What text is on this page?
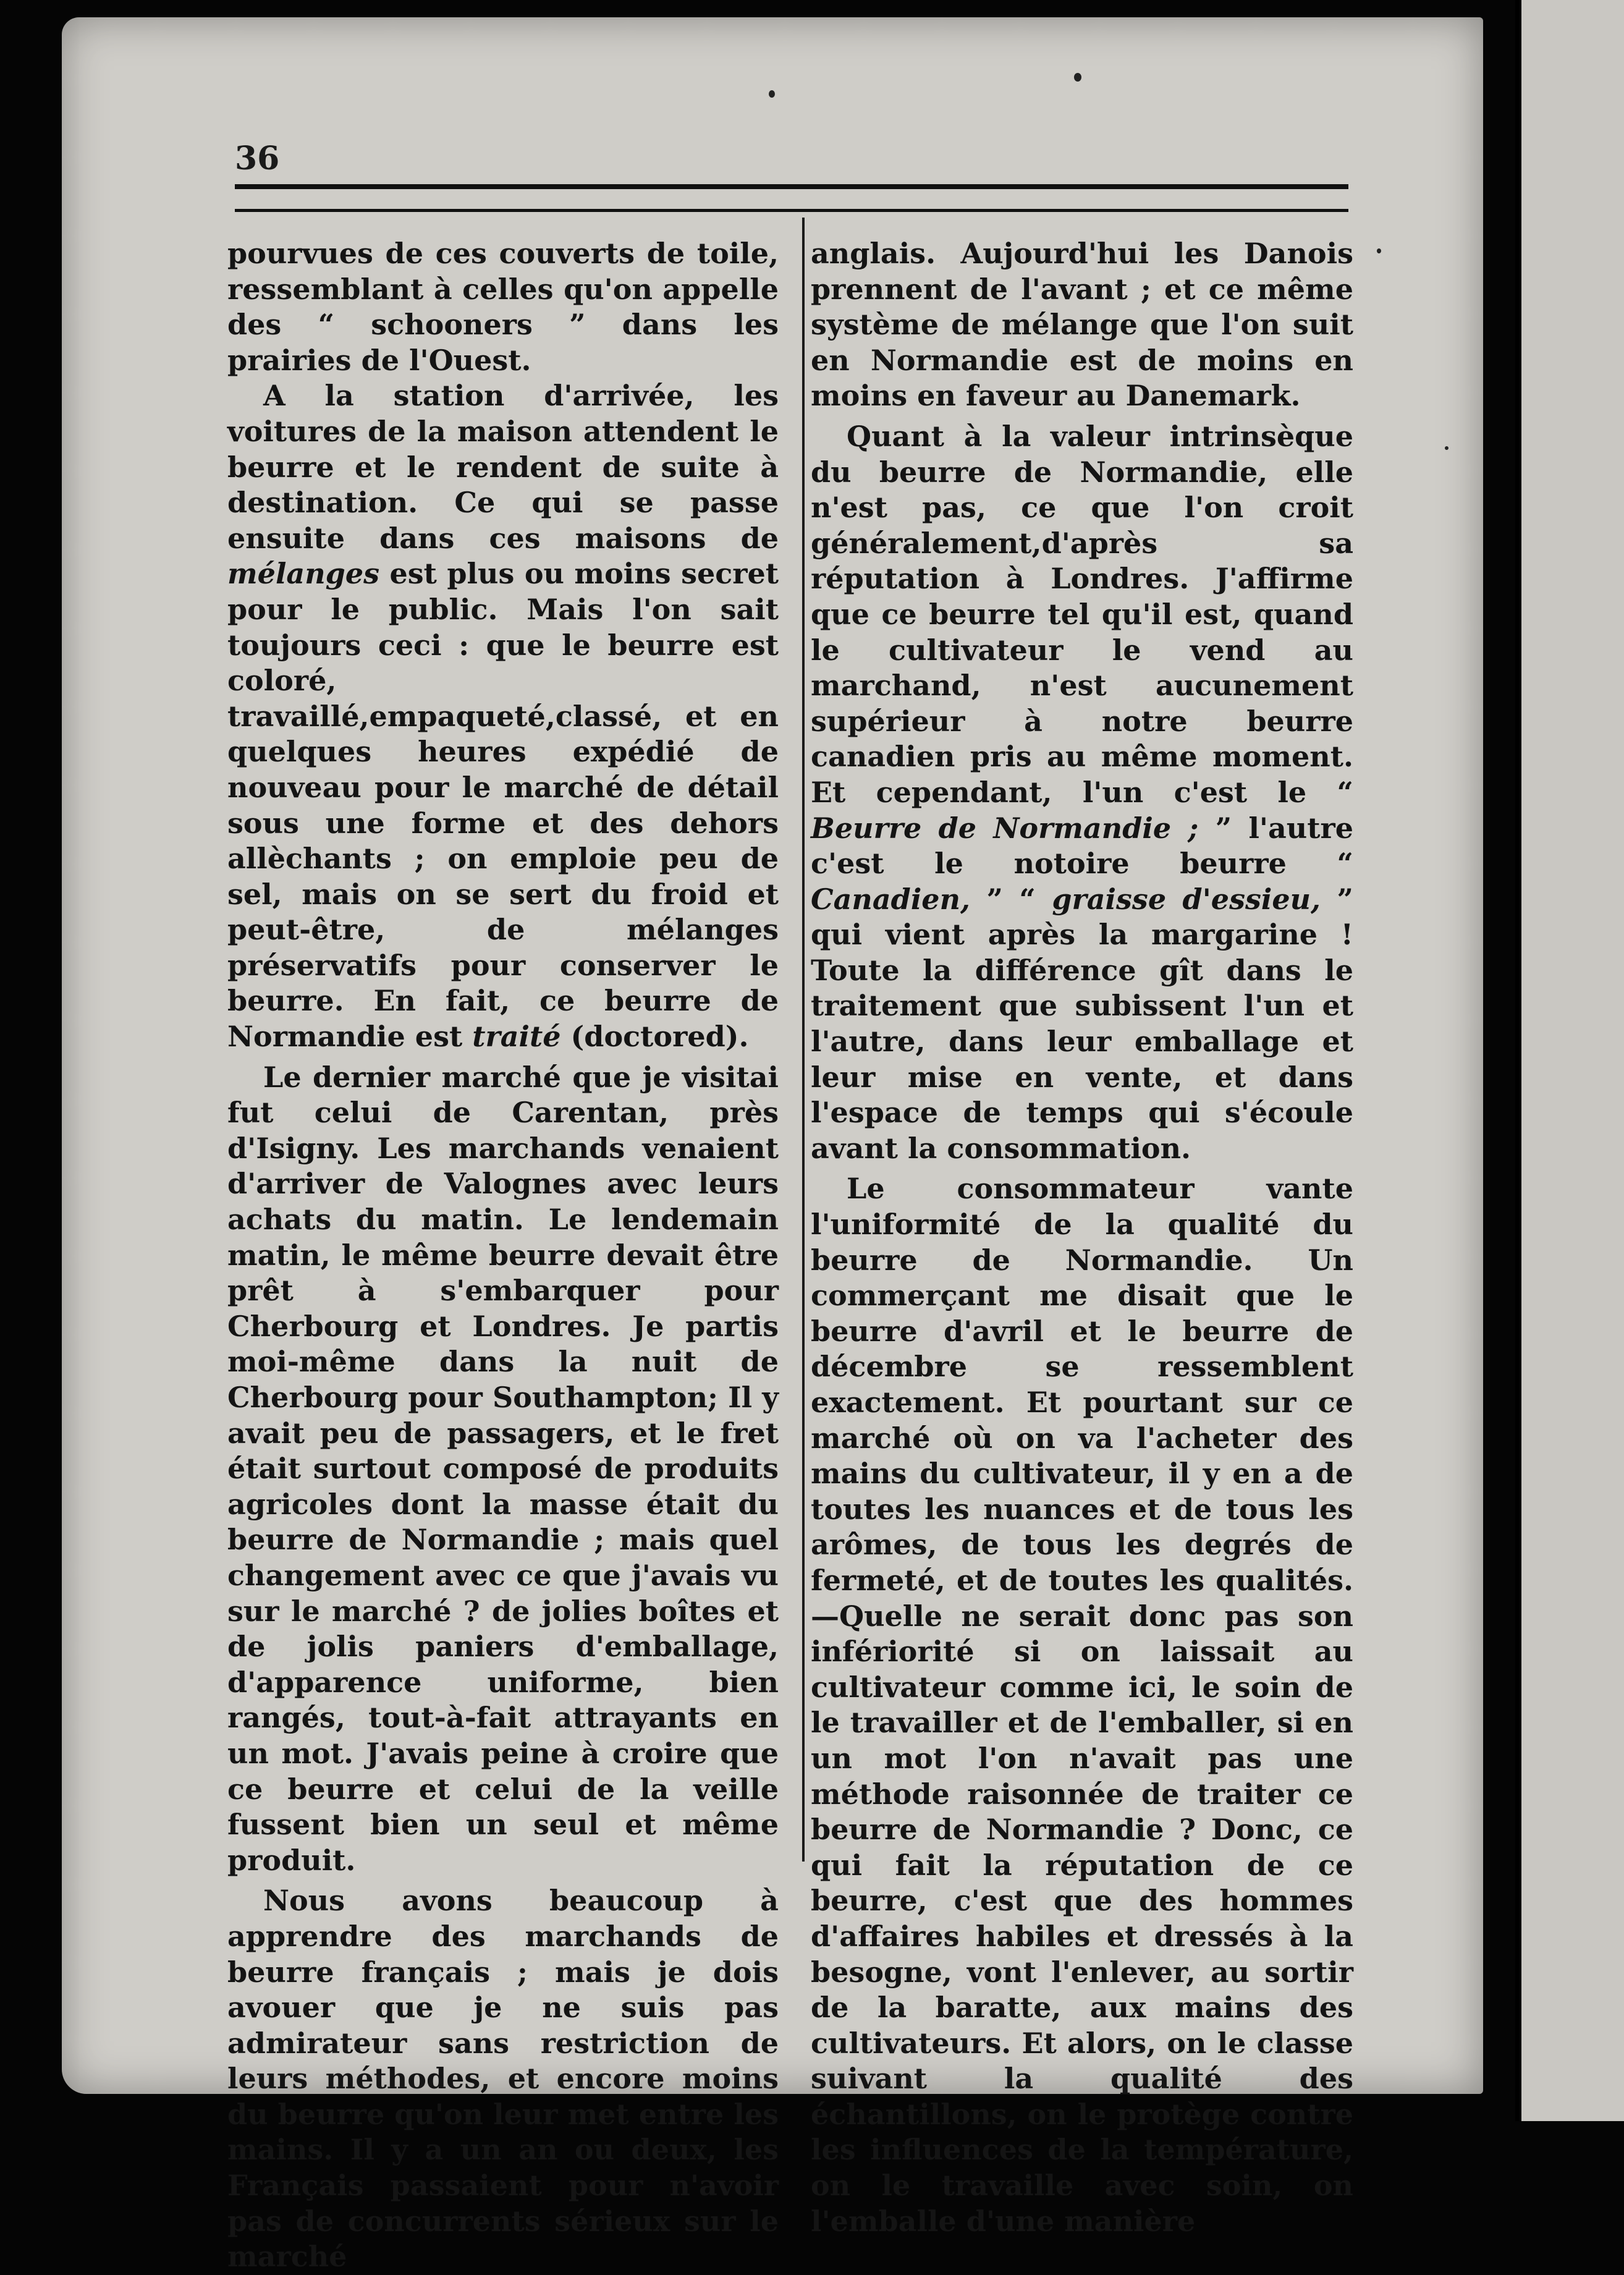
36

pourvues de ces couverts de toile, ressemblant à celles qu'on appelle des “ schooners ” dans les prairies de l'Ouest.

A la station d'arrivée, les voitures de la maison attendent le beurre et le rendent de suite à destination. Ce qui se passe ensuite dans ces maisons de mélanges est plus ou moins secret pour le public. Mais l'on sait toujours ceci : que le beurre est coloré, travaillé,empaqueté,classé, et en quelques heures expédié de nouveau pour le marché de détail sous une forme et des dehors allèchants ; on emploie peu de sel, mais on se sert du froid et peut-être, de mélanges préservatifs pour conserver le beurre. En fait, ce beurre de Normandie est traité (doctored).

Le dernier marché que je visitai fut celui de Carentan, près d'Isigny. Les marchands venaient d'arriver de Valognes avec leurs achats du matin. Le lendemain matin, le même beurre devait être prêt à s'embarquer pour Cherbourg et Londres. Je partis moi-même dans la nuit de Cherbourg pour Southampton; Il y avait peu de passagers, et le fret était surtout composé de produits agricoles dont la masse était du beurre de Normandie ; mais quel changement avec ce que j'avais vu sur le marché ? de jolies boîtes et de jolis paniers d'emballage, d'apparence uniforme, bien rangés, tout-à-fait attrayants en un mot. J'avais peine à croire que ce beurre et celui de la veille fussent bien un seul et même produit.

Nous avons beaucoup à apprendre des marchands de beurre français ; mais je dois avouer que je ne suis pas admirateur sans restriction de leurs méthodes, et encore moins du beurre qu'on leur met entre les mains. Il y a un an ou deux, les Français passaient pour n'avoir pas de concurrents sérieux sur le marché

anglais. Aujourd'hui les Danois prennent de l'avant ; et ce même système de mélange que l'on suit en Normandie est de moins en moins en faveur au Danemark.

Quant à la valeur intrinsèque du beurre de Normandie, elle n'est pas, ce que l'on croit généralement,d'après sa réputation à Londres. J'affirme que ce beurre tel qu'il est, quand le cultivateur le vend au marchand, n'est aucunement supérieur à notre beurre canadien pris au même moment. Et cependant, l'un c'est le “ Beurre de Normandie ; ” l'autre c'est le notoire beurre “ Canadien, ” “ graisse d'essieu, ” qui vient après la margarine ! Toute la différence gît dans le traitement que subissent l'un et l'autre, dans leur emballage et leur mise en vente, et dans l'espace de temps qui s'écoule avant la consommation.

Le consommateur vante l'uniformité de la qualité du beurre de Normandie. Un commerçant me disait que le beurre d'avril et le beurre de décembre se ressemblent exactement. Et pourtant sur ce marché où on va l'acheter des mains du cultivateur, il y en a de toutes les nuances et de tous les arômes, de tous les degrés de fermeté, et de toutes les qualités.—Quelle ne serait donc pas son infériorité si on laissait au cultivateur comme ici, le soin de le travailler et de l'emballer, si en un mot l'on n'avait pas une méthode raisonnée de traiter ce beurre de Normandie ? Donc, ce qui fait la réputation de ce beurre, c'est que des hommes d'affaires habiles et dressés à la besogne, vont l'enlever, au sortir de la baratte, aux mains des cultivateurs. Et alors, on le classe suivant la qualité des échantillons, on le protège contre les influences de la température, on le travaille avec soin, on l'emballe d'une manière
